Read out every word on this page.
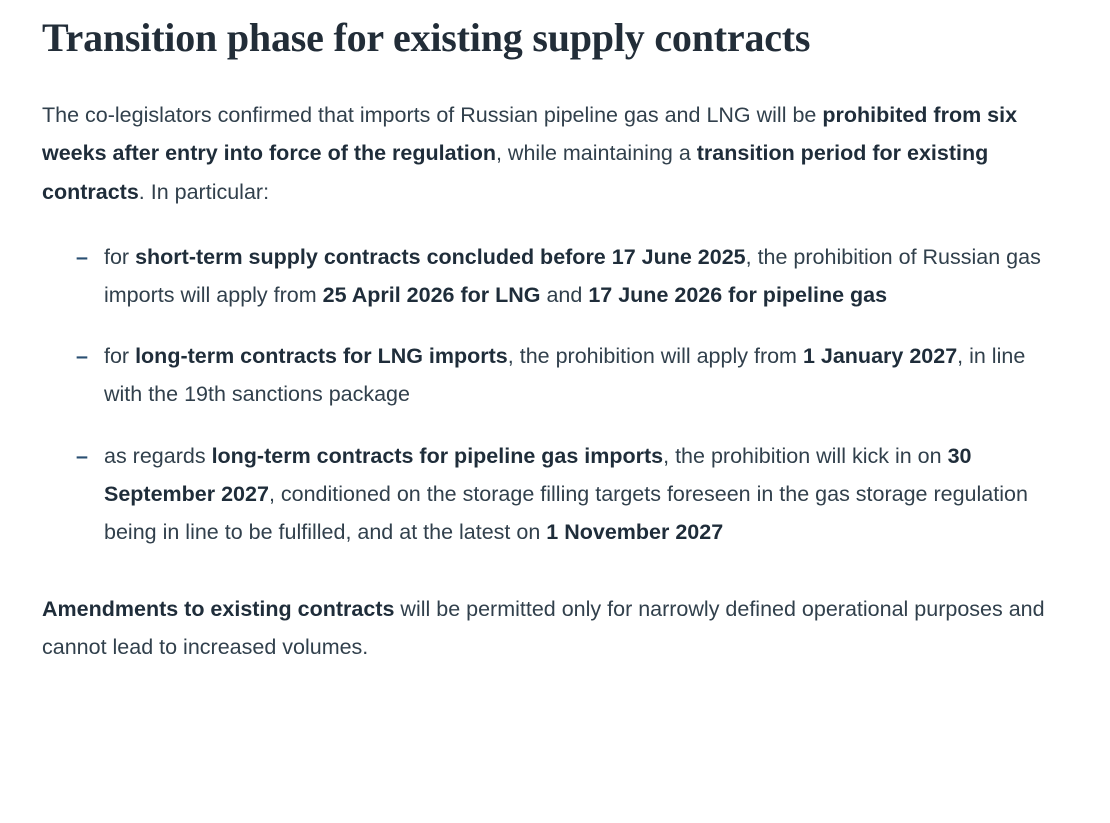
Transition phase for existing supply contracts

The co-legislators confirmed that imports of Russian pipeline gas and LNG will be prohibited from six weeks after entry into force of the regulation, while maintaining a transition period for existing contracts. In particular:

– for short-term supply contracts concluded before 17 June 2025, the prohibition of Russian gas imports will apply from 25 April 2026 for LNG and 17 June 2026 for pipeline gas
– for long-term contracts for LNG imports, the prohibition will apply from 1 January 2027, in line with the 19th sanctions package
– as regards long-term contracts for pipeline gas imports, the prohibition will kick in on 30 September 2027, conditioned on the storage filling targets foreseen in the gas storage regulation being in line to be fulfilled, and at the latest on 1 November 2027

Amendments to existing contracts will be permitted only for narrowly defined operational purposes and cannot lead to increased volumes.
